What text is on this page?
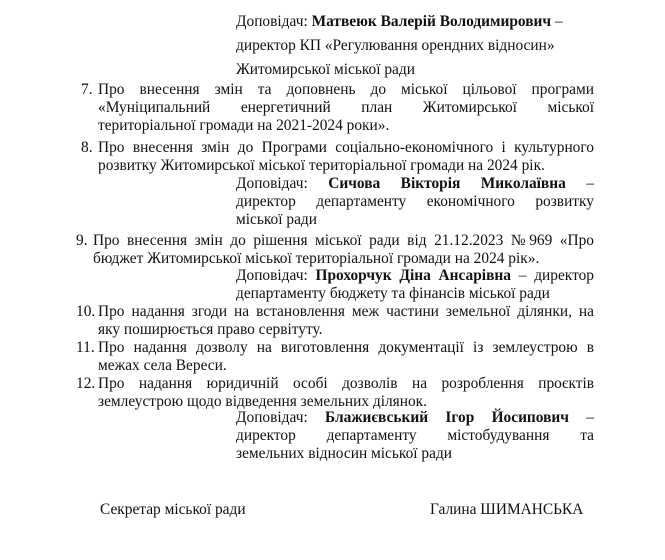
Доповідач: Матвеюк Валерій Володимирович –
директор КП «Регулювання орендних відносин»
Житомирської міської ради
7. Про внесення змін та доповнень до міської цільової програми
«Муніципальний енергетичний план Житомирської міської
територіальної громади на 2021-2024 роки».
8. Про внесення змін до Програми соціально-економічного і культурного
розвитку Житомирської міської територіальної громади на 2024 рік.
Доповідач: Сичова Вікторія Миколаївна –
директор департаменту економічного розвитку
міської ради
9. Про внесення змін до рішення міської ради від 21.12.2023 №969 «Про
бюджет Житомирської міської територіальної громади на 2024 рік».
Доповідач: Прохорчук Діна Ансарівна – директор
департаменту бюджету та фінансів міської ради
10. Про надання згоди на встановлення меж частини земельної ділянки, на
яку поширюється право сервітуту.
11. Про надання дозволу на виготовлення документації із землеустрою в
межах села Вереси.
12. Про надання юридичній особі дозволів на розроблення проєктів
землеустрою щодо відведення земельних ділянок.
Доповідач: Блажиєвський Ігор Йосипович –
директор департаменту містобудування та
земельних відносин міської ради
Секретар міської ради	Галина ШИМАНСЬКА
